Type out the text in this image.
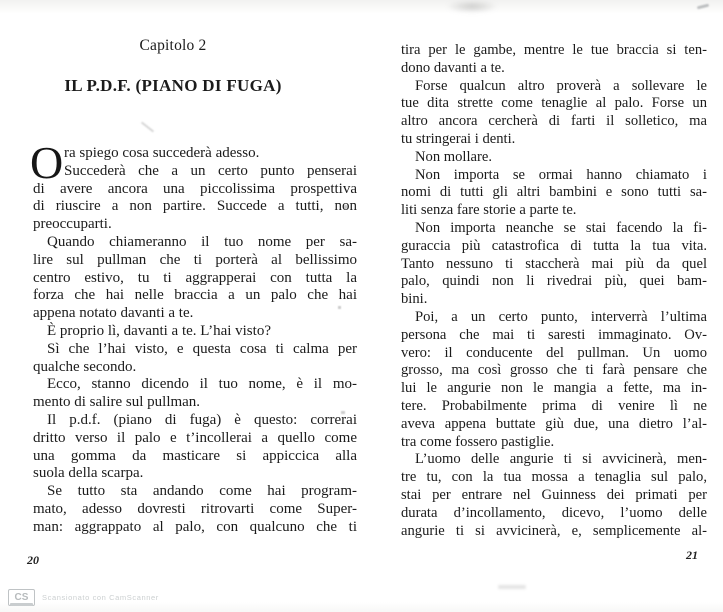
Capitolo 2
IL P.D.F. (PIANO DI FUGA)
O ra spiego cosa succederà adesso.
Succederà che a un certo punto penserai
di avere ancora una piccolissima prospettiva
di riuscire a non partire. Succede a tutti, non
preoccuparti.
Quando chiameranno il tuo nome per sa-
lire sul pullman che ti porterà al bellissimo
centro estivo, tu ti aggrapperai con tutta la
forza che hai nelle braccia a un palo che hai
appena notato davanti a te.
È proprio lì, davanti a te. L’hai visto?
Sì che l’hai visto, e questa cosa ti calma per
qualche secondo.
Ecco, stanno dicendo il tuo nome, è il mo-
mento di salire sul pullman.
Il p.d.f. (piano di fuga) è questo: correrai
dritto verso il palo e t’incollerai a quello come
una gomma da masticare si appiccica alla
suola della scarpa.
Se tutto sta andando come hai program-
mato, adesso dovresti ritrovarti come Super-
man: aggrappato al palo, con qualcuno che ti
20
tira per le gambe, mentre le tue braccia si ten-
dono davanti a te.
Forse qualcun altro proverà a sollevare le
tue dita strette come tenaglie al palo. Forse un
altro ancora cercherà di farti il solletico, ma
tu stringerai i denti.
Non mollare.
Non importa se ormai hanno chiamato i
nomi di tutti gli altri bambini e sono tutti sa-
liti senza fare storie a parte te.
Non importa neanche se stai facendo la fi-
guraccia più catastrofica di tutta la tua vita.
Tanto nessuno ti staccherà mai più da quel
palo, quindi non li rivedrai più, quei bam-
bini.
Poi, a un certo punto, interverrà l’ultima
persona che mai ti saresti immaginato. Ov-
vero: il conducente del pullman. Un uomo
grosso, ma così grosso che ti farà pensare che
lui le angurie non le mangia a fette, ma in-
tere. Probabilmente prima di venire lì ne
aveva appena buttate giù due, una dietro l’al-
tra come fossero pastiglie.
L’uomo delle angurie ti si avvicinerà, men-
tre tu, con la tua mossa a tenaglia sul palo,
stai per entrare nel Guinness dei primati per
durata d’incollamento, dicevo, l’uomo delle
angurie ti si avvicinerà, e, semplicemente al-
21
CS	Scansionato con CamScanner
